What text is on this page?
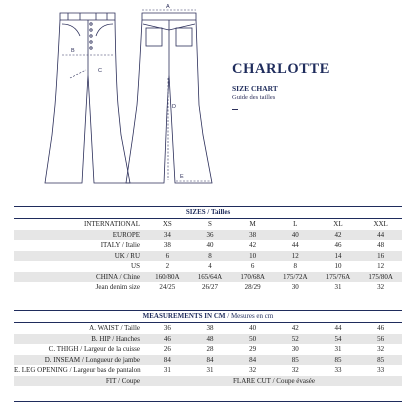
A
B
C
D
E
CHARLOTTE
SIZE CHART
Guide des tailles
SIZES / Tailles						
INTERNATIONAL	XS	S	M	L	XL	XXL
EUROPE	34	36	38	40	42	44
ITALY / Italie	38	40	42	44	46	48
UK / RU	6	8	10	12	14	16
US	2	4	6	8	10	12
CHINA / Chine	160/80A	165/64A	170/68A	175/72A	175/76A	175/80A
Jean denim size	24/25	26/27	28/29	30	31	32
MEASUREMENTS IN CM / Mesures en cm						
A. WAIST / Taille	36	38	40	42	44	46
B. HIP / Hanches	46	48	50	52	54	56
C. THIGH / Largeur de la cuisse	26	28	29	30	31	32
D. INSEAM / Longueur de jambe	84	84	84	85	85	85
E. LEG OPENING / Largeur bas de pantalon	31	31	32	32	33	33
FIT / Coupe	FLARE CUT / Coupe évasée					
